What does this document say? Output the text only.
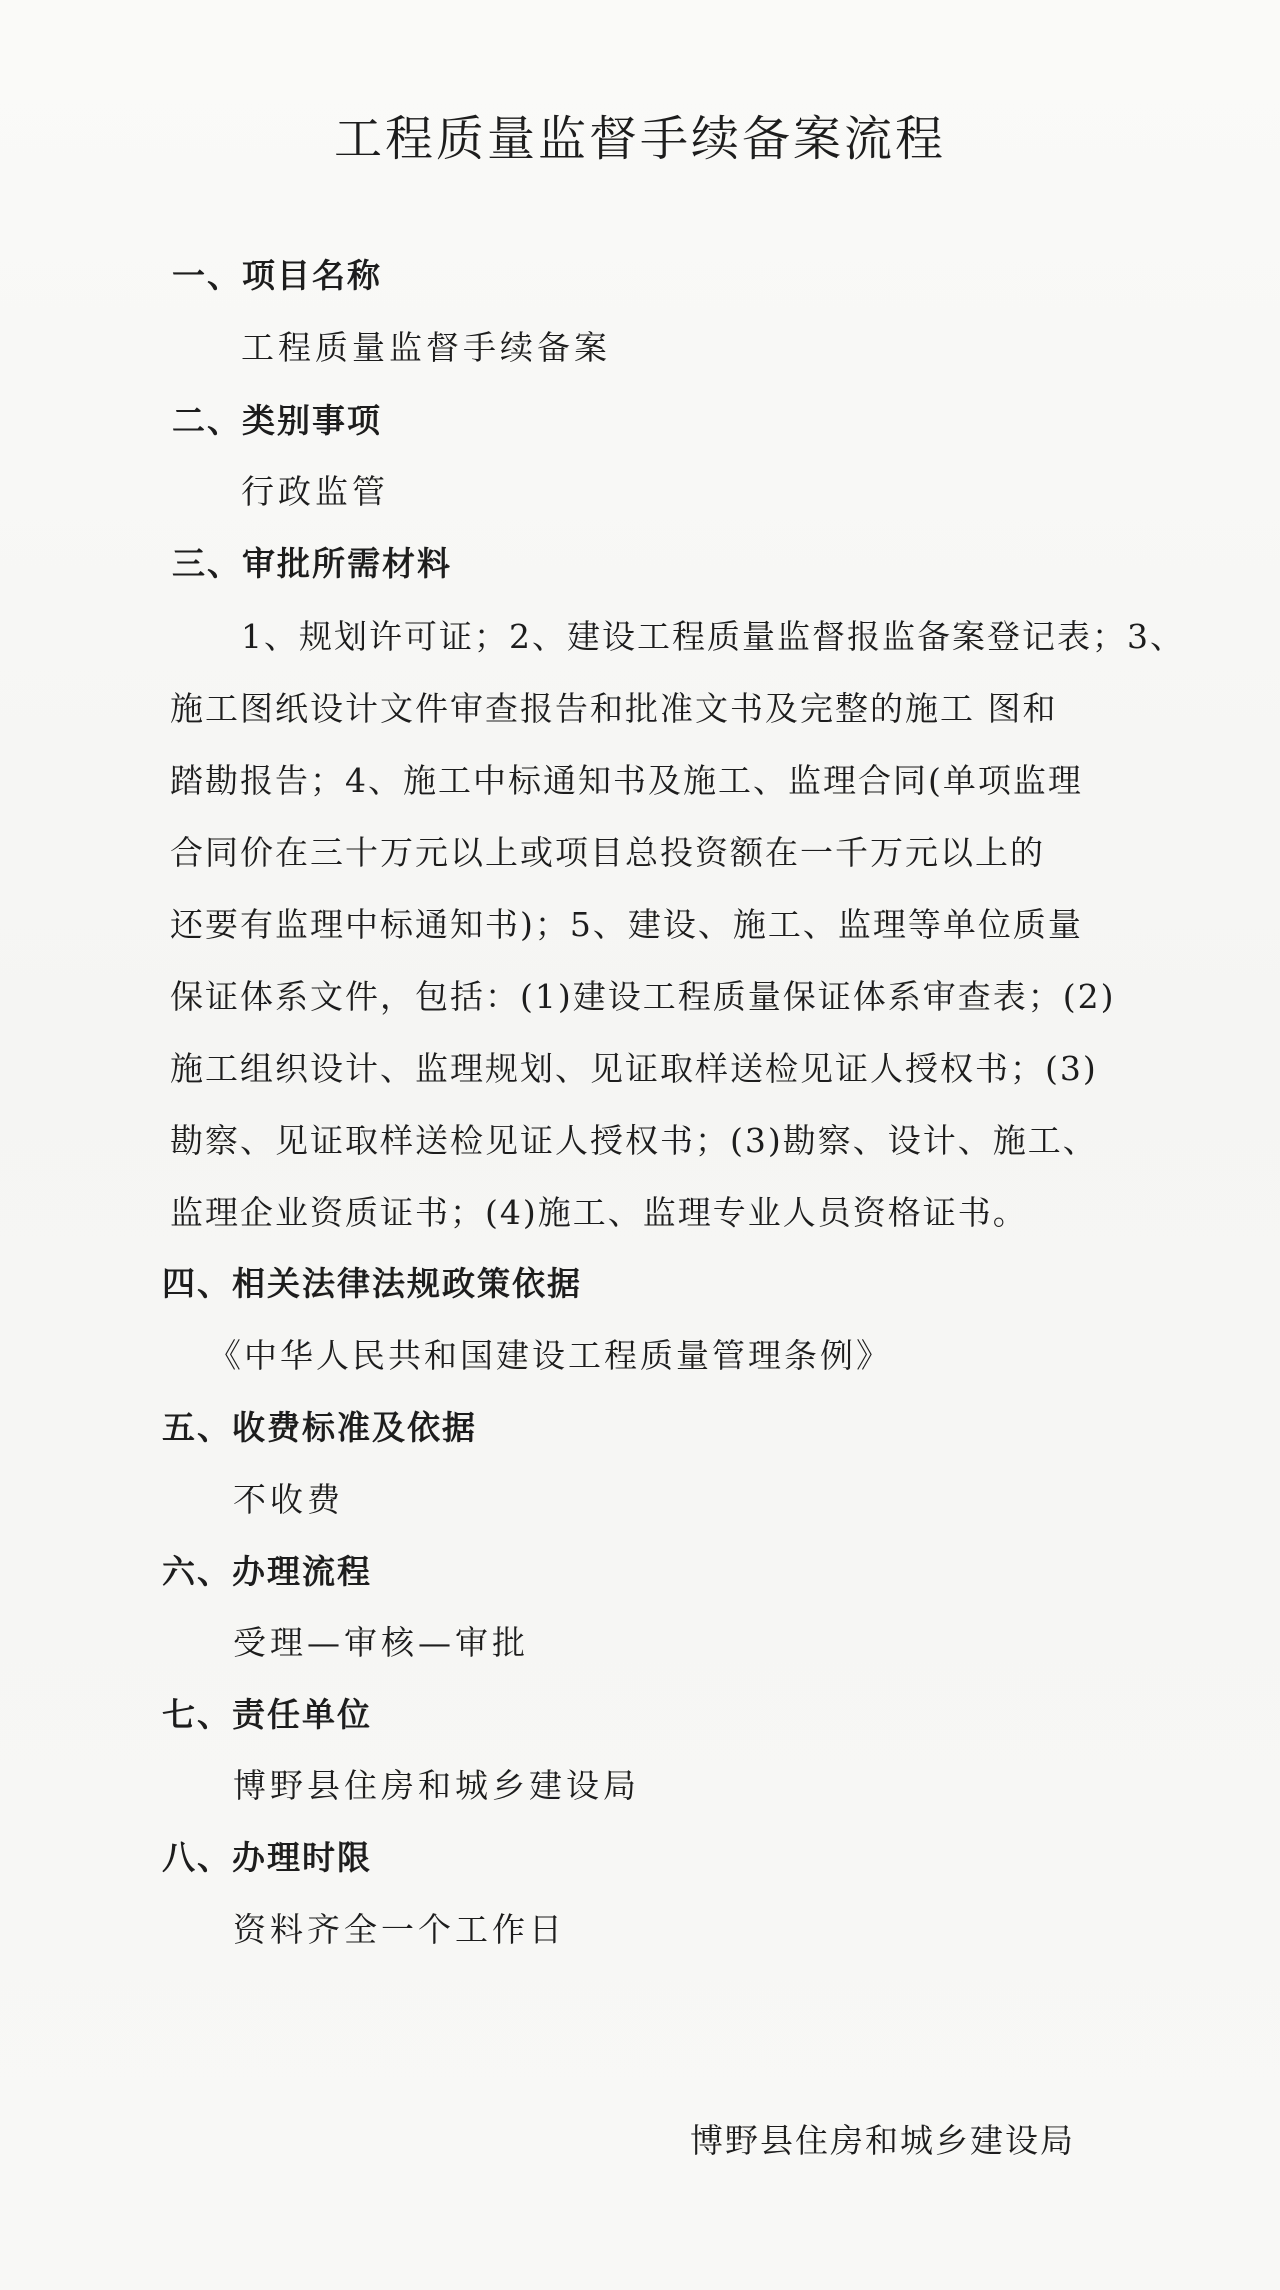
工程质量监督手续备案流程

一、项目名称

工程质量监督手续备案

二、类别事项

行政监管

三、审批所需材料

1、规划许可证；2、建设工程质量监督报监备案登记表；3、

施工图纸设计文件审查报告和批准文书及完整的施工 图和

踏勘报告；4、施工中标通知书及施工、监理合同(单项监理

合同价在三十万元以上或项目总投资额在一千万元以上的

还要有监理中标通知书)；5、建设、施工、监理等单位质量

保证体系文件，包括：(1)建设工程质量保证体系审查表；(2)

施工组织设计、监理规划、见证取样送检见证人授权书；(3)

勘察、见证取样送检见证人授权书；(3)勘察、设计、施工、

监理企业资质证书；(4)施工、监理专业人员资格证书。

四、相关法律法规政策依据

《中华人民共和国建设工程质量管理条例》

五、收费标准及依据

不收费

六、办理流程

受理—审核—审批

七、责任单位

博野县住房和城乡建设局

八、办理时限

资料齐全一个工作日

博野县住房和城乡建设局
